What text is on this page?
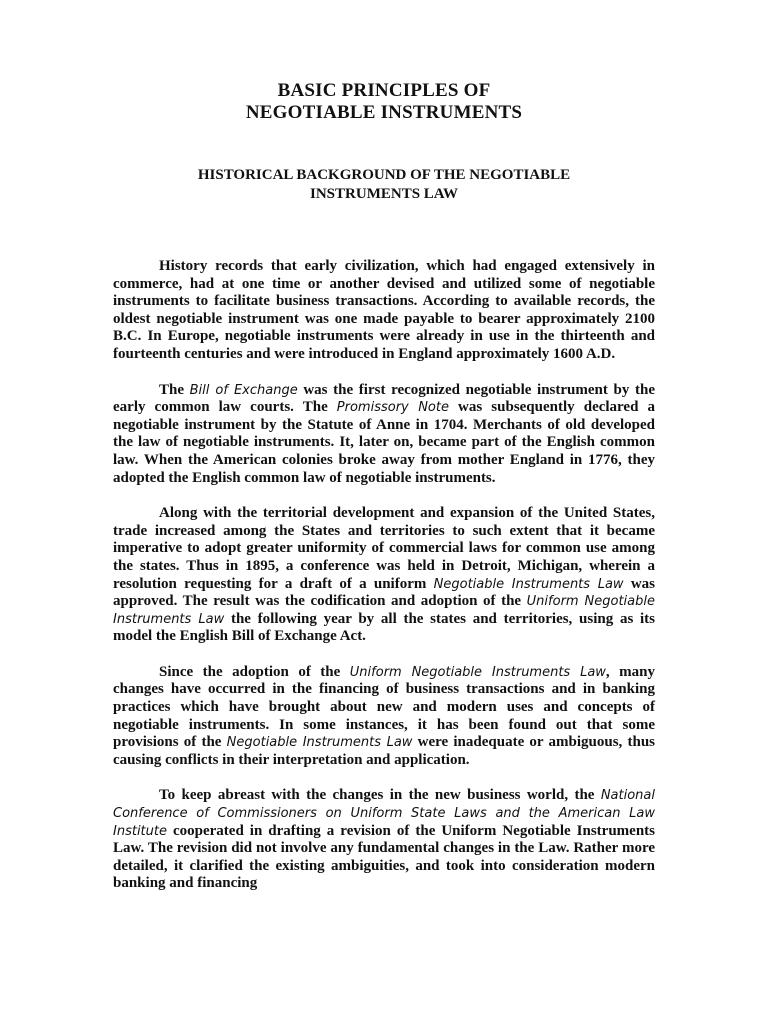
BASIC PRINCIPLES OF
NEGOTIABLE INSTRUMENTS
HISTORICAL BACKGROUND OF THE NEGOTIABLE
INSTRUMENTS LAW

History records that early civilization, which had engaged extensively in commerce, had at one time or another devised and utilized some of negotiable instruments to facilitate business transactions. According to available records, the oldest negotiable instrument was one made payable to bearer approximately 2100 B.C. In Europe, negotiable instruments were already in use in the thirteenth and fourteenth centuries and were introduced in England approximately 1600 A.D.

The Bill of Exchange was the first recognized negotiable instrument by the early common law courts. The Promissory Note was subsequently declared a negotiable instrument by the Statute of Anne in 1704. Merchants of old developed the law of negotiable instruments. It, later on, became part of the English common law. When the American colonies broke away from mother England in 1776, they adopted the English common law of negotiable instruments.

Along with the territorial development and expansion of the United States, trade increased among the States and territories to such extent that it became imperative to adopt greater uniformity of commercial laws for common use among the states. Thus in 1895, a conference was held in Detroit, Michigan, wherein a resolution requesting for a draft of a uniform Negotiable Instruments Law was approved. The result was the codification and adoption of the Uniform Negotiable Instruments Law the following year by all the states and territories, using as its model the English Bill of Exchange Act.

Since the adoption of the Uniform Negotiable Instruments Law, many changes have occurred in the financing of business transactions and in banking practices which have brought about new and modern uses and concepts of negotiable instruments. In some instances, it has been found out that some provisions of the Negotiable Instruments Law were inadequate or ambiguous, thus causing conflicts in their interpretation and application.

To keep abreast with the changes in the new business world, the National Conference of Commissioners on Uniform State Laws and the American Law Institute cooperated in drafting a revision of the Uniform Negotiable Instruments Law. The revision did not involve any fundamental changes in the Law. Rather more detailed, it clarified the existing ambiguities, and took into consideration modern banking and financing
